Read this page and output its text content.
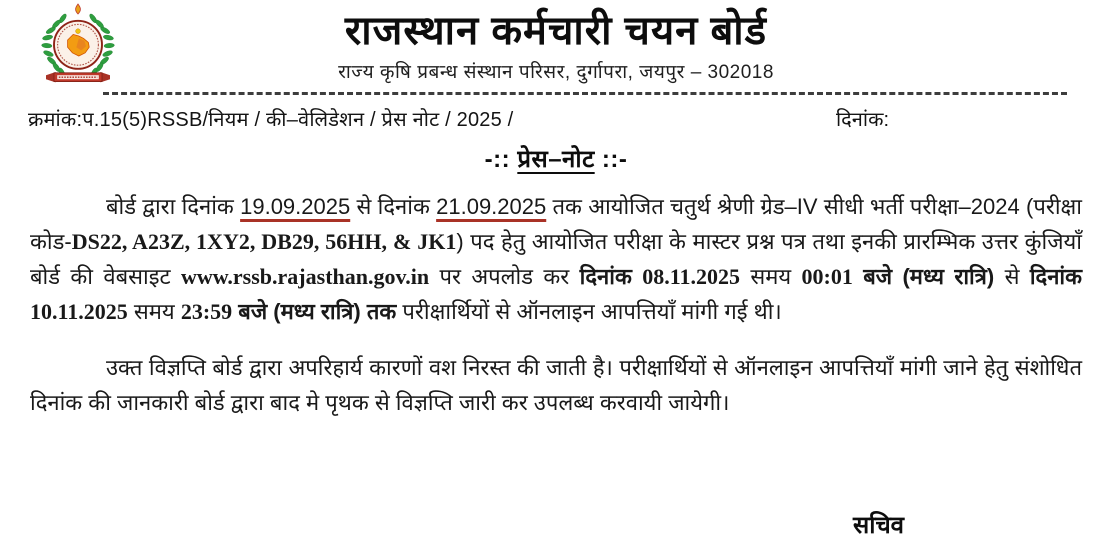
राजस्थान कर्मचारी चयन बोर्ड
राज्य कृषि प्रबन्ध संस्थान परिसर, दुर्गापरा, जयपुर – 302018
क्रमांक:प.15(5)RSSB/नियम / की–वेलिडेशन / प्रेस नोट / 2025 /	दिनांक:
-:: प्रेस–नोट ::-

बोर्ड द्वारा दिनांक 19.09.2025 से दिनांक 21.09.2025 तक आयोजित चतुर्थ श्रेणी ग्रेड–IV सीधी भर्ती परीक्षा–2024 (परीक्षा कोड-DS22, A23Z, 1XY2, DB29, 56HH, & JK1) पद हेतु आयोजित परीक्षा के मास्टर प्रश्न पत्र तथा इनकी प्रारम्भिक उत्तर कुंजियाँ बोर्ड की वेबसाइट www.rssb.rajasthan.gov.in पर अपलोड कर दिनांक 08.11.2025 समय 00:01 बजे (मध्य रात्रि) से दिनांक 10.11.2025 समय 23:59 बजे (मध्य रात्रि) तक परीक्षार्थियों से ऑनलाइन आपत्तियाँ मांगी गई थी।

उक्त विज्ञप्ति बोर्ड द्वारा अपरिहार्य कारणों वश निरस्त की जाती है। परीक्षार्थियों से ऑनलाइन आपत्तियाँ मांगी जाने हेतु संशोधित दिनांक की जानकारी बोर्ड द्वारा बाद मे पृथक से विज्ञप्ति जारी कर उपलब्ध करवायी जायेगी।

सचिव
